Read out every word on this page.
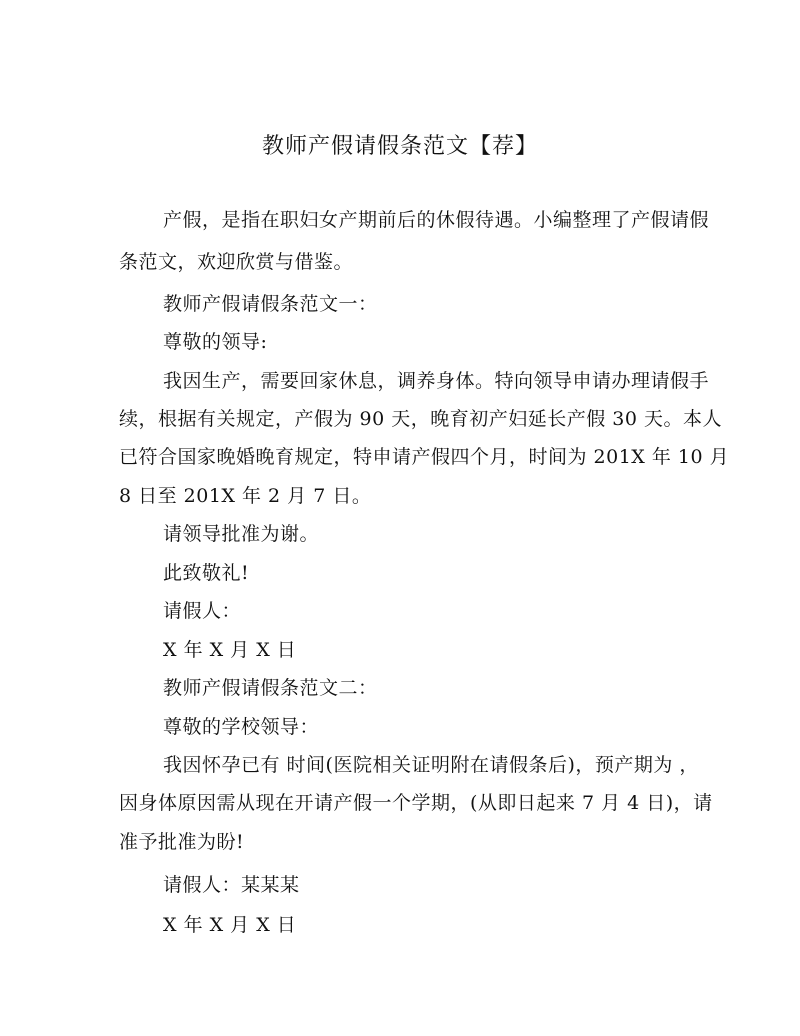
教师产假请假条范文【荐】
产假，是指在职妇女产期前后的休假待遇。小编整理了产假请假
条范文，欢迎欣赏与借鉴。
教师产假请假条范文一：
尊敬的领导:
我因生产，需要回家休息，调养身体。特向领导申请办理请假手
续，根据有关规定，产假为 90 天，晚育初产妇延长产假 30 天。本人
已符合国家晚婚晚育规定，特申请产假四个月，时间为 201X 年 10 月
8 日至 201X 年 2 月 7 日。
请领导批准为谢。
此致敬礼!
请假人：
X 年 X 月 X 日
教师产假请假条范文二：
尊敬的学校领导：
我因怀孕已有 时间(医院相关证明附在请假条后)，预产期为 ，
因身体原因需从现在开请产假一个学期，(从即日起来 7 月 4 日)，请
准予批准为盼!
请假人：某某某
X 年 X 月 X 日
